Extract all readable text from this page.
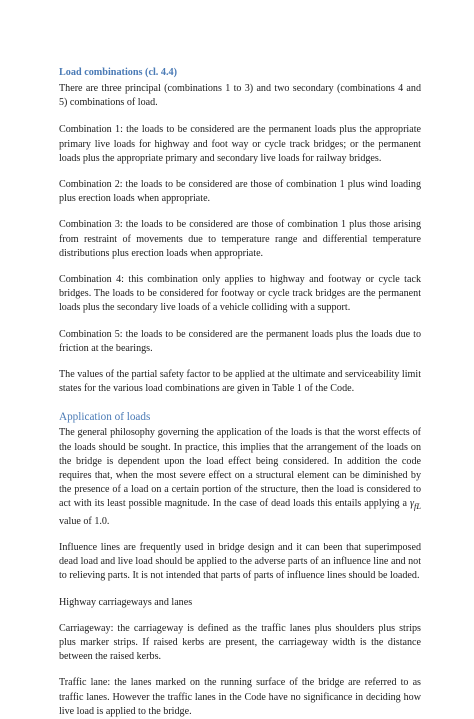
Load combinations (cl. 4.4)

There are three principal (combinations 1 to 3) and two secondary (combinations 4 and 5) combinations of load.

Combination 1: the loads to be considered are the permanent loads plus the appropriate primary live loads for highway and foot way or cycle track bridges; or the permanent loads plus the appropriate primary and secondary live loads for railway bridges.

Combination 2: the loads to be considered are those of combination 1 plus wind loading plus erection loads when appropriate.

Combination 3: the loads to be considered are those of combination 1 plus those arising from restraint of movements due to temperature range and differential temperature distributions plus erection loads when appropriate.

Combination 4: this combination only applies to highway and footway or cycle tack bridges. The loads to be considered for footway or cycle track bridges are the permanent loads plus the secondary live loads of a vehicle colliding with a support.

Combination 5: the loads to be considered are the permanent loads plus the loads due to friction at the bearings.

The values of the partial safety factor to be applied at the ultimate and serviceability limit states for the various load combinations are given in Table 1 of the Code.

Application of loads

The general philosophy governing the application of the loads is that the worst effects of the loads should be sought. In practice, this implies that the arrangement of the loads on the bridge is dependent upon the load effect being considered. In addition the code requires that, when the most severe effect on a structural element can be diminished by the presence of a load on a certain portion of the structure, then the load is considered to act with its least possible magnitude. In the case of dead loads this entails applying a $\gamma_{fL}$ value of 1.0.

Influence lines are frequently used in bridge design and it can been that superimposed dead load and live load should be applied to the adverse parts of an influence line and not to relieving parts. It is not intended that parts of parts of influence lines should be loaded.

Highway carriageways and lanes

Carriageway: the carriageway is defined as the traffic lanes plus shoulders plus strips plus marker strips. If raised kerbs are present, the carriageway width is the distance between the raised kerbs.

Traffic lane: the lanes marked on the running surface of the bridge are referred to as traffic lanes. However the traffic lanes in the Code have no significance in deciding how live load is applied to the bridge.
